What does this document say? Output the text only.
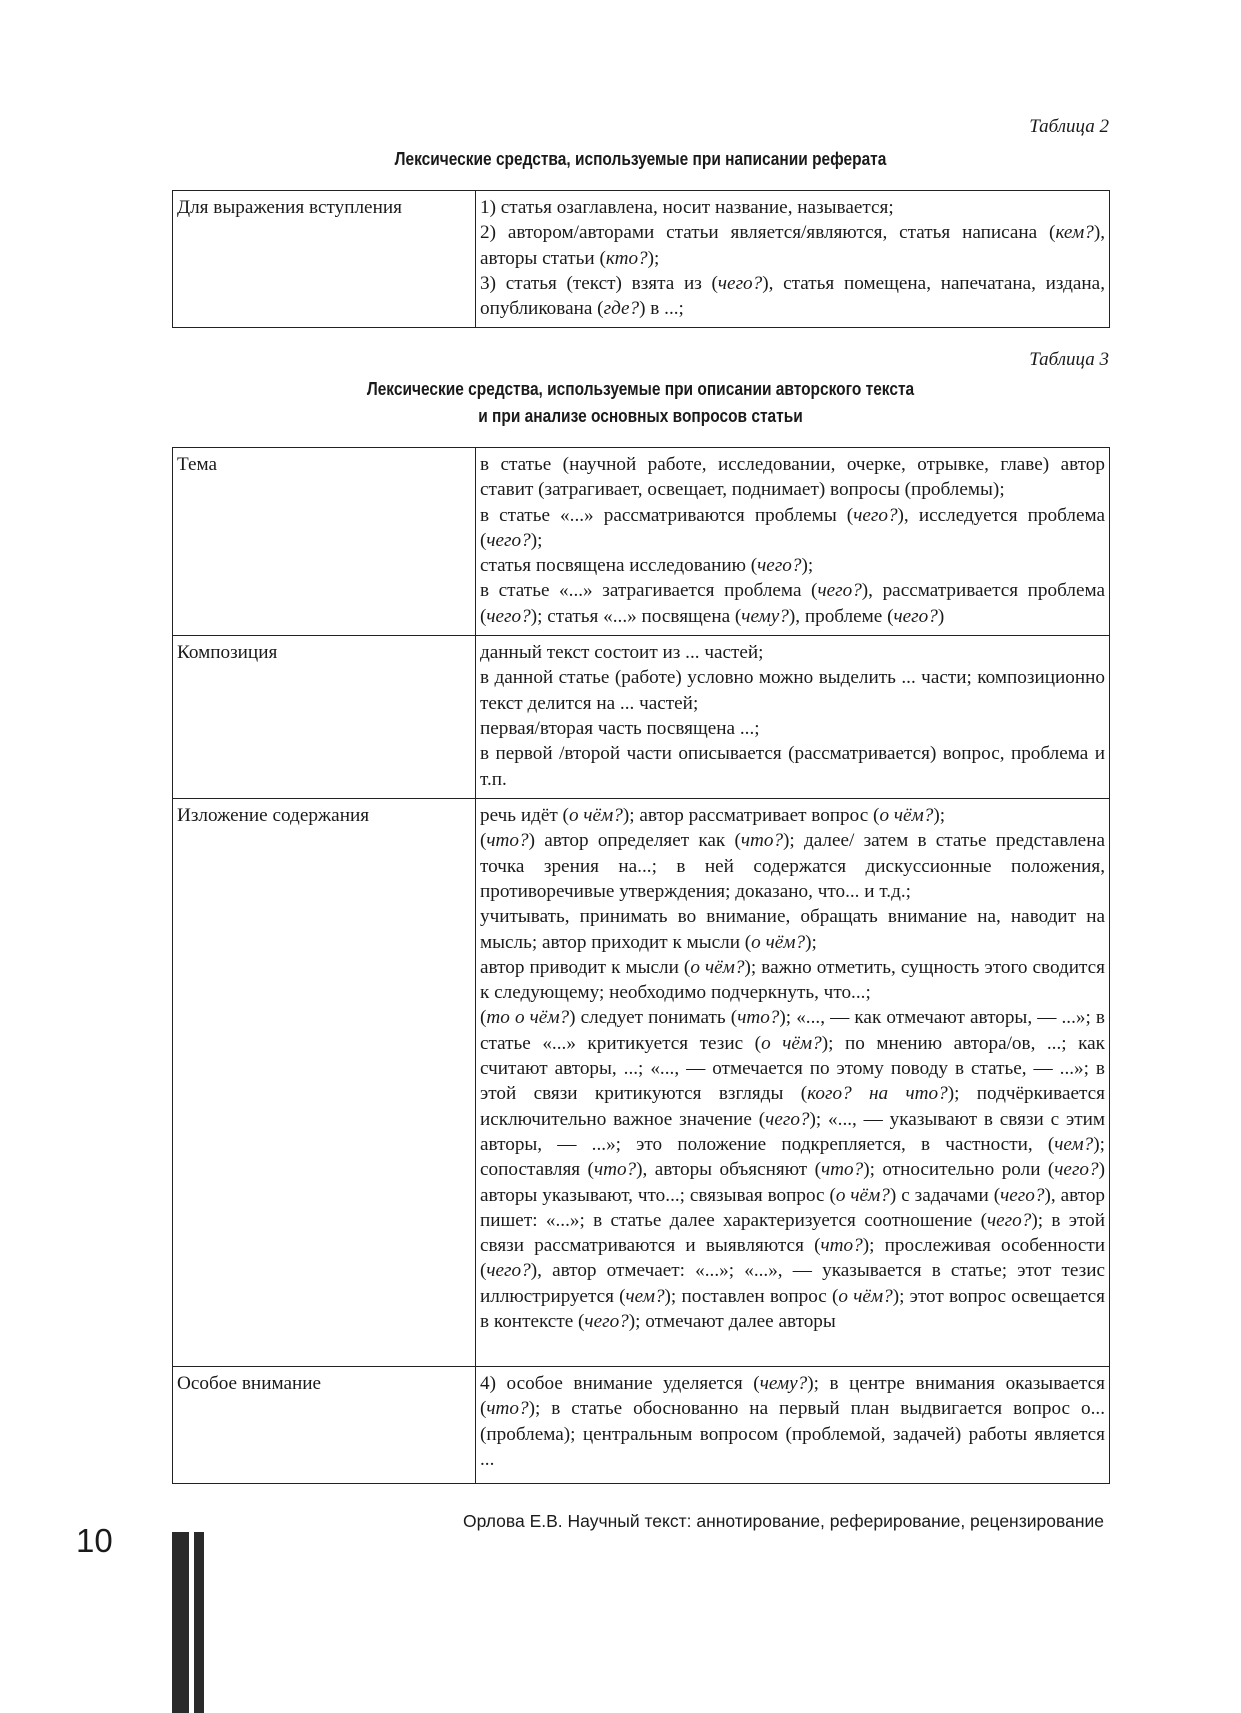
Таблица 2
Лексические средства, используемые при написании реферата
Для выражения вступления	1) статья озаглавлена, носит название, называется;
2) автором/авторами статьи является/являются, статья написана (кем?), авторы статьи (кто?);
3) статья (текст) взята из (чего?), статья помещена, напечатана, издана, опубликована (где?) в ...;
Таблица 3
Лексические средства, используемые при описании авторского текста
и при анализе основных вопросов статьи
Тема	в статье (научной работе, исследовании, очерке, отрывке, главе) автор ставит (затрагивает, освещает, поднимает) вопросы (проблемы);
в статье «...» рассматриваются проблемы (чего?), исследуется проблема (чего?);
статья посвящена исследованию (чего?);
в статье «...» затрагивается проблема (чего?), рассматривается проблема (чего?); статья «...» посвящена (чему?), проблеме (чего?)

Композиция	данный текст состоит из ... частей;
в данной статье (работе) условно можно выделить ... части; композиционно текст делится на ... частей;
первая/вторая часть посвящена ...;
в первой /второй части описывается (рассматривается) вопрос, проблема и т.п.

Изложение содержания	речь идёт (о чём?); автор рассматривает вопрос (о чём?);
(что?) автор определяет как (что?); далее/ затем в статье представлена точка зрения на...; в ней содержатся дискуссионные положения, противоречивые утверждения; доказано, что... и т.д.;
учитывать, принимать во внимание, обращать внимание на, наводит на мысль; автор приходит к мысли (о чём?);
автор приводит к мысли (о чём?); важно отметить, сущность этого сводится к следующему; необходимо подчеркнуть, что...;
(то о чём?) следует понимать (что?); «..., — как отмечают авторы, — ...»; в статье «...» критикуется тезис (о чём?); по мнению автора/ов, ...; как считают авторы, ...; «..., — отмечается по этому поводу в статье, — ...»; в этой связи критикуются взгляды (кого? на что?); подчёркивается исключительно важное значение (чего?); «..., — указывают в связи с этим авторы, — ...»; это положение подкрепляется, в частности, (чем?); сопоставляя (что?), авторы объясняют (что?); относительно роли (чего?) авторы указывают, что...; связывая вопрос (о чём?) с задачами (чего?), автор пишет: «...»; в статье далее характеризуется соотношение (чего?); в этой связи рассматриваются и выявляются (что?); прослеживая особенности (чего?), автор отмечает: «...»; «...», — указывается в статье; этот тезис иллюстрируется (чем?); поставлен вопрос (о чём?); этот вопрос освещается в контексте (чего?); отмечают далее авторы

Особое внимание	4) особое внимание уделяется (чему?); в центре внимания оказывается (что?); в статье обоснованно на первый план выдвигается вопрос о... (проблема); центральным вопросом (проблемой, задачей) работы является ...
Орлова Е.В. Научный текст: аннотирование, реферирование, рецензирование
10
